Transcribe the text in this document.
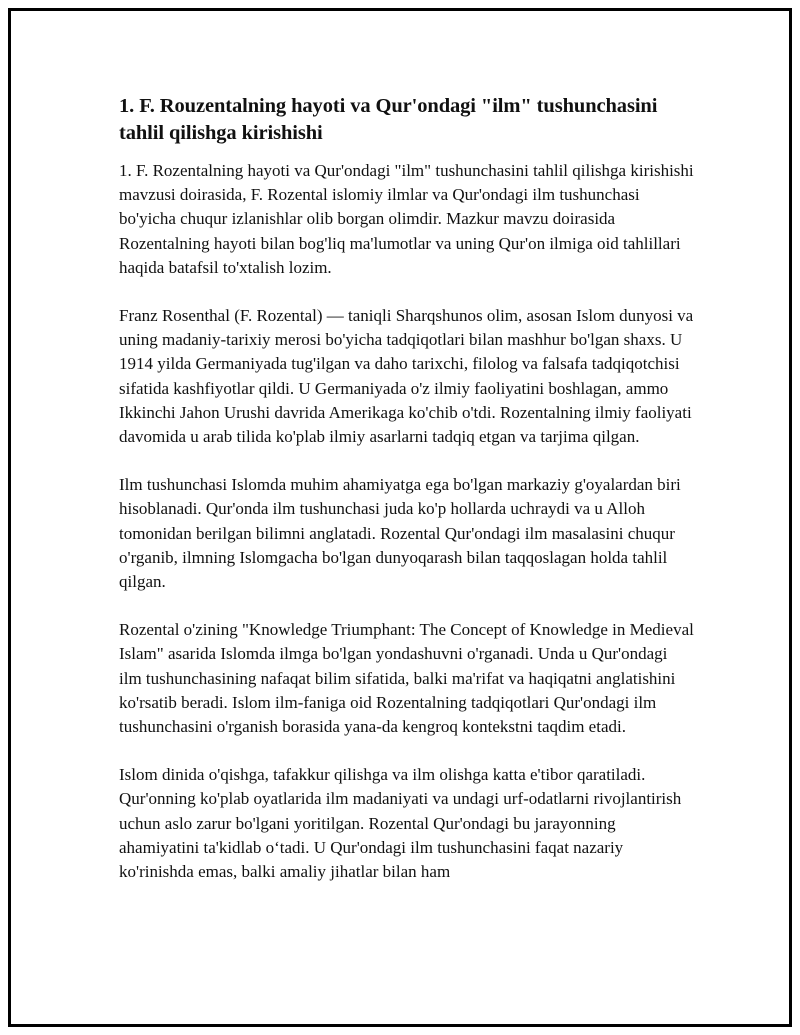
1. F. Rouzentalning hayoti va Qur'ondagi "ilm" tushunchasini tahlil qilishga kirishishi

1. F. Rozentalning hayoti va Qur'ondagi "ilm" tushunchasini tahlil qilishga kirishishi mavzusi doirasida, F. Rozental islomiy ilmlar va Qur'ondagi ilm tushunchasi bo'yicha chuqur izlanishlar olib borgan olimdir. Mazkur mavzu doirasida Rozentalning hayoti bilan bog'liq ma'lumotlar va uning Qur'on ilmiga oid tahlillari haqida batafsil to'xtalish lozim.

Franz Rosenthal (F. Rozental) — taniqli Sharqshunos olim, asosan Islom dunyosi va uning madaniy-tarixiy merosi bo'yicha tadqiqotlari bilan mashhur bo'lgan shaxs. U 1914 yilda Germaniyada tug'ilgan va daho tarixchi, filolog va falsafa tadqiqotchisi sifatida kashfiyotlar qildi. U Germaniyada o'z ilmiy faoliyatini boshlagan, ammo Ikkinchi Jahon Urushi davrida Amerikaga ko'chib o'tdi. Rozentalning ilmiy faoliyati davomida u arab tilida ko'plab ilmiy asarlarni tadqiq etgan va tarjima qilgan.

Ilm tushunchasi Islomda muhim ahamiyatga ega bo'lgan markaziy g'oyalardan biri hisoblanadi. Qur'onda ilm tushunchasi juda ko'p hollarda uchraydi va u Alloh tomonidan berilgan bilimni anglatadi. Rozental Qur'ondagi ilm masalasini chuqur o'rganib, ilmning Islomgacha bo'lgan dunyoqarash bilan taqqoslagan holda tahlil qilgan.

Rozental o'zining "Knowledge Triumphant: The Concept of Knowledge in Medieval Islam" asarida Islomda ilmga bo'lgan yondashuvni o'rganadi. Unda u Qur'ondagi ilm tushunchasining nafaqat bilim sifatida, balki ma'rifat va haqiqatni anglatishini ko'rsatib beradi. Islom ilm-faniga oid Rozentalning tadqiqotlari Qur'ondagi ilm tushunchasini o'rganish borasida yana-da kengroq kontekstni taqdim etadi.

Islom dinida o'qishga, tafakkur qilishga va ilm olishga katta e'tibor qaratiladi. Qur'onning ko'plab oyatlarida ilm madaniyati va undagi urf-odatlarni rivojlantirish uchun aslo zarur bo'lgani yoritilgan. Rozental Qur'ondagi bu jarayonning ahamiyatini ta'kidlab o‘tadi. U Qur'ondagi ilm tushunchasini faqat nazariy ko'rinishda emas, balki amaliy jihatlar bilan ham
